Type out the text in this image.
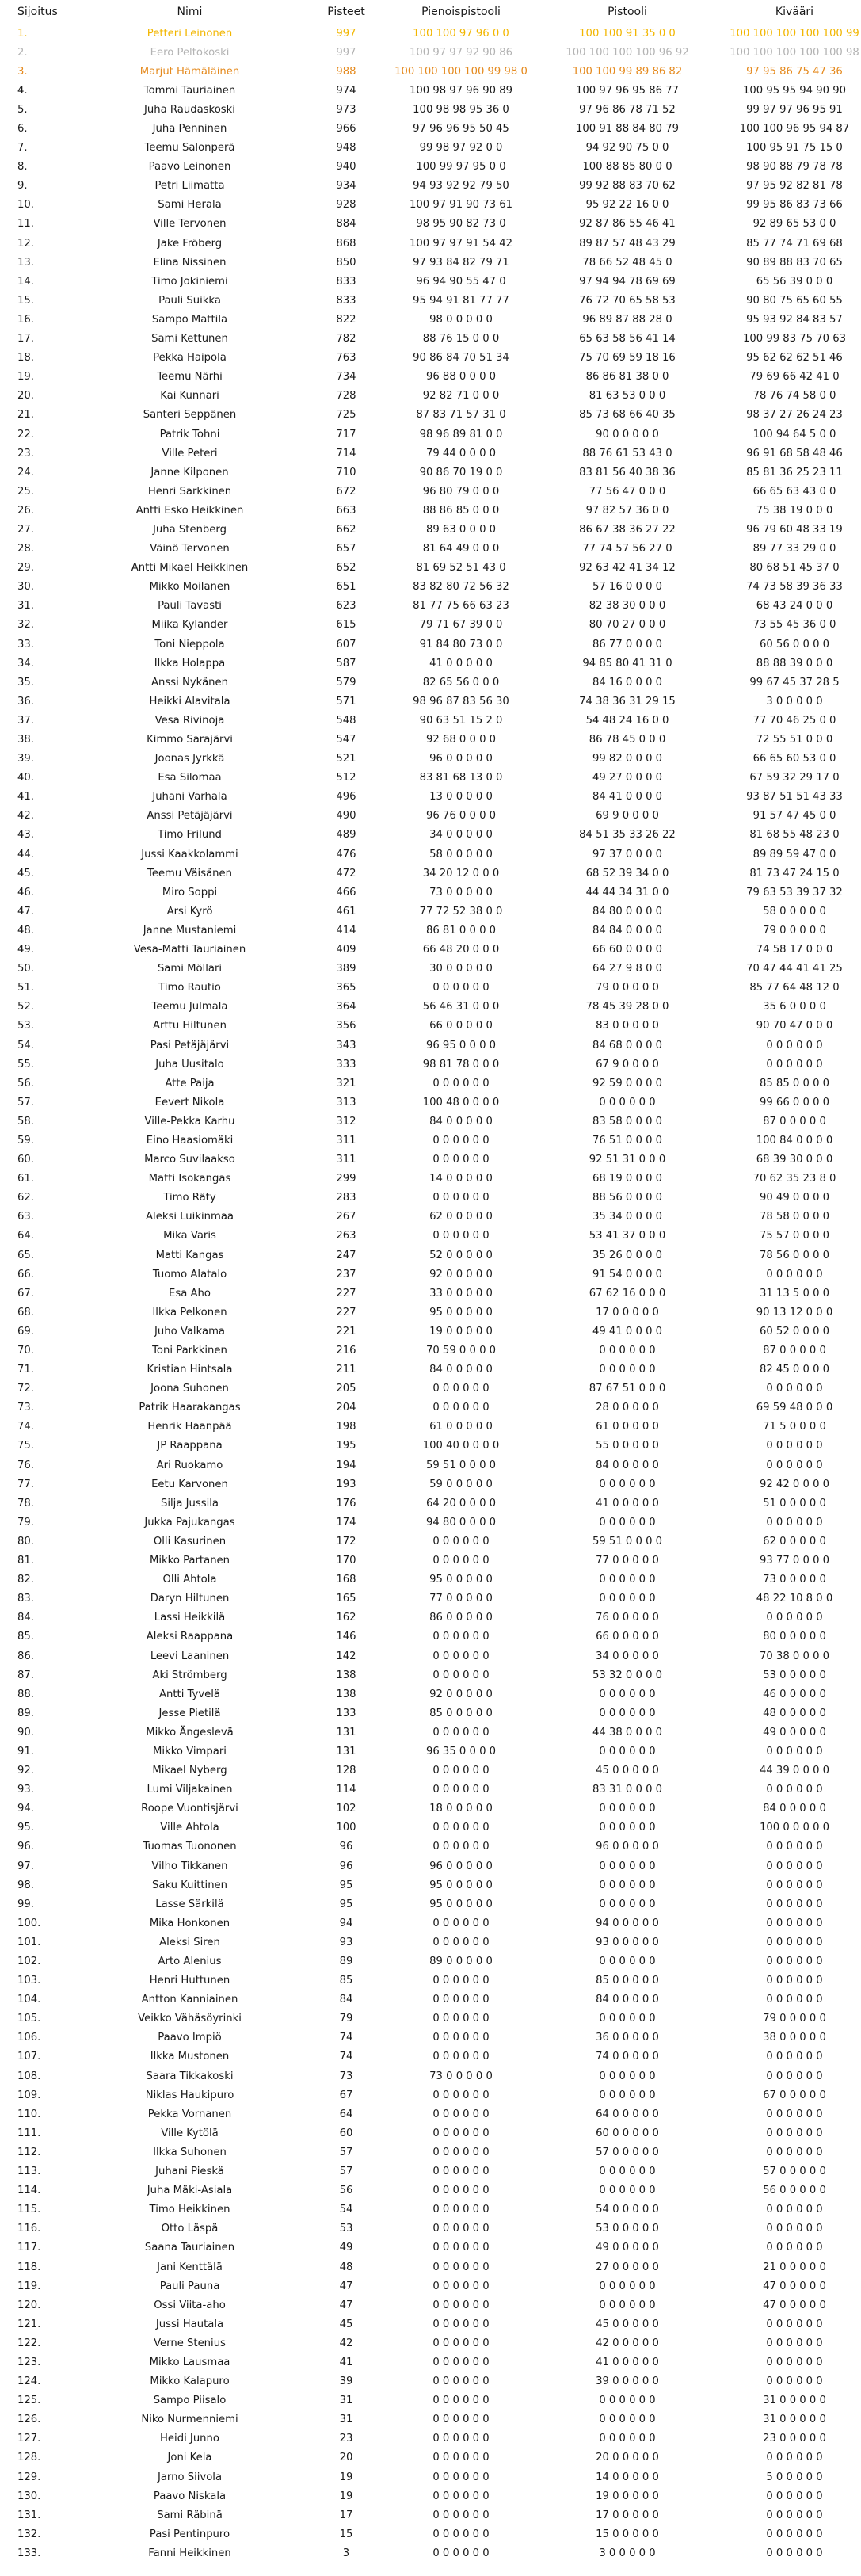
Sijoitus	Nimi	Pisteet	Pienoispistooli	Pistooli	Kivääri
1.	Petteri Leinonen	997	100 100 97 96 0 0	100 100 91 35 0 0	100 100 100 100 100 99
2.	Eero Peltokoski	997	100 97 97 92 90 86	100 100 100 100 96 92	100 100 100 100 100 98
3.	Marjut Hämäläinen	988	100 100 100 100 99 98 0	100 100 99 89 86 82	97 95 86 75 47 36
4.	Tommi Tauriainen	974	100 98 97 96 90 89	100 97 96 95 86 77	100 95 95 94 90 90
5.	Juha Raudaskoski	973	100 98 98 95 36 0	97 96 86 78 71 52	99 97 97 96 95 91
6.	Juha Penninen	966	97 96 96 95 50 45	100 91 88 84 80 79	100 100 96 95 94 87
7.	Teemu Salonperä	948	99 98 97 92 0 0	94 92 90 75 0 0	100 95 91 75 15 0
8.	Paavo Leinonen	940	100 99 97 95 0 0	100 88 85 80 0 0	98 90 88 79 78 78
9.	Petri Liimatta	934	94 93 92 92 79 50	99 92 88 83 70 62	97 95 92 82 81 78
10.	Sami Herala	928	100 97 91 90 73 61	95 92 22 16 0 0	99 95 86 83 73 66
11.	Ville Tervonen	884	98 95 90 82 73 0	92 87 86 55 46 41	92 89 65 53 0 0
12.	Jake Fröberg	868	100 97 97 91 54 42	89 87 57 48 43 29	85 77 74 71 69 68
13.	Elina Nissinen	850	97 93 84 82 79 71	78 66 52 48 45 0	90 89 88 83 70 65
14.	Timo Jokiniemi	833	96 94 90 55 47 0	97 94 94 78 69 69	65 56 39 0 0 0
15.	Pauli Suikka	833	95 94 91 81 77 77	76 72 70 65 58 53	90 80 75 65 60 55
16.	Sampo Mattila	822	98 0 0 0 0 0	96 89 87 88 28 0	95 93 92 84 83 57
17.	Sami Kettunen	782	88 76 15 0 0 0	65 63 58 56 41 14	100 99 83 75 70 63
18.	Pekka Haipola	763	90 86 84 70 51 34	75 70 69 59 18 16	95 62 62 62 51 46
19.	Teemu Närhi	734	96 88 0 0 0 0	86 86 81 38 0 0	79 69 66 42 41 0
20.	Kai Kunnari	728	92 82 71 0 0 0	81 63 53 0 0 0	78 76 74 58 0 0
21.	Santeri Seppänen	725	87 83 71 57 31 0	85 73 68 66 40 35	98 37 27 26 24 23
22.	Patrik Tohni	717	98 96 89 81 0 0	90 0 0 0 0 0	100 94 64 5 0 0
23.	Ville Peteri	714	79 44 0 0 0 0	88 76 61 53 43 0	96 91 68 58 48 46
24.	Janne Kilponen	710	90 86 70 19 0 0	83 81 56 40 38 36	85 81 36 25 23 11
25.	Henri Sarkkinen	672	96 80 79 0 0 0	77 56 47 0 0 0	66 65 63 43 0 0
26.	Antti Esko Heikkinen	663	88 86 85 0 0 0	97 82 57 36 0 0	75 38 19 0 0 0
27.	Juha Stenberg	662	89 63 0 0 0 0	86 67 38 36 27 22	96 79 60 48 33 19
28.	Väinö Tervonen	657	81 64 49 0 0 0	77 74 57 56 27 0	89 77 33 29 0 0
29.	Antti Mikael Heikkinen	652	81 69 52 51 43 0	92 63 42 41 34 12	80 68 51 45 37 0
30.	Mikko Moilanen	651	83 82 80 72 56 32	57 16 0 0 0 0	74 73 58 39 36 33
31.	Pauli Tavasti	623	81 77 75 66 63 23	82 38 30 0 0 0	68 43 24 0 0 0
32.	Miika Kylander	615	79 71 67 39 0 0	80 70 27 0 0 0	73 55 45 36 0 0
33.	Toni Nieppola	607	91 84 80 73 0 0	86 77 0 0 0 0	60 56 0 0 0 0
34.	Ilkka Holappa	587	41 0 0 0 0 0	94 85 80 41 31 0	88 88 39 0 0 0
35.	Anssi Nykänen	579	82 65 56 0 0 0	84 16 0 0 0 0	99 67 45 37 28 5
36.	Heikki Alavitala	571	98 96 87 83 56 30	74 38 36 31 29 15	3 0 0 0 0 0
37.	Vesa Rivinoja	548	90 63 51 15 2 0	54 48 24 16 0 0	77 70 46 25 0 0
38.	Kimmo Sarajärvi	547	92 68 0 0 0 0	86 78 45 0 0 0	72 55 51 0 0 0
39.	Joonas Jyrkkä	521	96 0 0 0 0 0	99 82 0 0 0 0	66 65 60 53 0 0
40.	Esa Silomaa	512	83 81 68 13 0 0	49 27 0 0 0 0	67 59 32 29 17 0
41.	Juhani Varhala	496	13 0 0 0 0 0	84 41 0 0 0 0	93 87 51 51 43 33
42.	Anssi Petäjäjärvi	490	96 76 0 0 0 0	69 9 0 0 0 0	91 57 47 45 0 0
43.	Timo Frilund	489	34 0 0 0 0 0	84 51 35 33 26 22	81 68 55 48 23 0
44.	Jussi Kaakkolammi	476	58 0 0 0 0 0	97 37 0 0 0 0	89 89 59 47 0 0
45.	Teemu Väisänen	472	34 20 12 0 0 0	68 52 39 34 0 0	81 73 47 24 15 0
46.	Miro Soppi	466	73 0 0 0 0 0	44 44 34 31 0 0	79 63 53 39 37 32
47.	Arsi Kyrö	461	77 72 52 38 0 0	84 80 0 0 0 0	58 0 0 0 0 0
48.	Janne Mustaniemi	414	86 81 0 0 0 0	84 84 0 0 0 0	79 0 0 0 0 0
49.	Vesa-Matti Tauriainen	409	66 48 20 0 0 0	66 60 0 0 0 0	74 58 17 0 0 0
50.	Sami Möllari	389	30 0 0 0 0 0	64 27 9 8 0 0	70 47 44 41 41 25
51.	Timo Rautio	365	0 0 0 0 0 0	79 0 0 0 0 0	85 77 64 48 12 0
52.	Teemu Julmala	364	56 46 31 0 0 0	78 45 39 28 0 0	35 6 0 0 0 0
53.	Arttu Hiltunen	356	66 0 0 0 0 0	83 0 0 0 0 0	90 70 47 0 0 0
54.	Pasi Petäjäjärvi	343	96 95 0 0 0 0	84 68 0 0 0 0	0 0 0 0 0 0
55.	Juha Uusitalo	333	98 81 78 0 0 0	67 9 0 0 0 0	0 0 0 0 0 0
56.	Atte Paija	321	0 0 0 0 0 0	92 59 0 0 0 0	85 85 0 0 0 0
57.	Eevert Nikola	313	100 48 0 0 0 0	0 0 0 0 0 0	99 66 0 0 0 0
58.	Ville-Pekka Karhu	312	84 0 0 0 0 0	83 58 0 0 0 0	87 0 0 0 0 0
59.	Eino Haasiomäki	311	0 0 0 0 0 0	76 51 0 0 0 0	100 84 0 0 0 0
60.	Marco Suvilaakso	311	0 0 0 0 0 0	92 51 31 0 0 0	68 39 30 0 0 0
61.	Matti Isokangas	299	14 0 0 0 0 0	68 19 0 0 0 0	70 62 35 23 8 0
62.	Timo Räty	283	0 0 0 0 0 0	88 56 0 0 0 0	90 49 0 0 0 0
63.	Aleksi Luikinmaa	267	62 0 0 0 0 0	35 34 0 0 0 0	78 58 0 0 0 0
64.	Mika Varis	263	0 0 0 0 0 0	53 41 37 0 0 0	75 57 0 0 0 0
65.	Matti Kangas	247	52 0 0 0 0 0	35 26 0 0 0 0	78 56 0 0 0 0
66.	Tuomo Alatalo	237	92 0 0 0 0 0	91 54 0 0 0 0	0 0 0 0 0 0
67.	Esa Aho	227	33 0 0 0 0 0	67 62 16 0 0 0	31 13 5 0 0 0
68.	Ilkka Pelkonen	227	95 0 0 0 0 0	17 0 0 0 0 0	90 13 12 0 0 0
69.	Juho Valkama	221	19 0 0 0 0 0	49 41 0 0 0 0	60 52 0 0 0 0
70.	Toni Parkkinen	216	70 59 0 0 0 0	0 0 0 0 0 0	87 0 0 0 0 0
71.	Kristian Hintsala	211	84 0 0 0 0 0	0 0 0 0 0 0	82 45 0 0 0 0
72.	Joona Suhonen	205	0 0 0 0 0 0	87 67 51 0 0 0	0 0 0 0 0 0
73.	Patrik Haarakangas	204	0 0 0 0 0 0	28 0 0 0 0 0	69 59 48 0 0 0
74.	Henrik Haanpää	198	61 0 0 0 0 0	61 0 0 0 0 0	71 5 0 0 0 0
75.	JP Raappana	195	100 40 0 0 0 0	55 0 0 0 0 0	0 0 0 0 0 0
76.	Ari Ruokamo	194	59 51 0 0 0 0	84 0 0 0 0 0	0 0 0 0 0 0
77.	Eetu Karvonen	193	59 0 0 0 0 0	0 0 0 0 0 0	92 42 0 0 0 0
78.	Silja Jussila	176	64 20 0 0 0 0	41 0 0 0 0 0	51 0 0 0 0 0
79.	Jukka Pajukangas	174	94 80 0 0 0 0	0 0 0 0 0 0	0 0 0 0 0 0
80.	Olli Kasurinen	172	0 0 0 0 0 0	59 51 0 0 0 0	62 0 0 0 0 0
81.	Mikko Partanen	170	0 0 0 0 0 0	77 0 0 0 0 0	93 77 0 0 0 0
82.	Olli Ahtola	168	95 0 0 0 0 0	0 0 0 0 0 0	73 0 0 0 0 0
83.	Daryn Hiltunen	165	77 0 0 0 0 0	0 0 0 0 0 0	48 22 10 8 0 0
84.	Lassi Heikkilä	162	86 0 0 0 0 0	76 0 0 0 0 0	0 0 0 0 0 0
85.	Aleksi Raappana	146	0 0 0 0 0 0	66 0 0 0 0 0	80 0 0 0 0 0
86.	Leevi Laaninen	142	0 0 0 0 0 0	34 0 0 0 0 0	70 38 0 0 0 0
87.	Aki Strömberg	138	0 0 0 0 0 0	53 32 0 0 0 0	53 0 0 0 0 0
88.	Antti Tyvelä	138	92 0 0 0 0 0	0 0 0 0 0 0	46 0 0 0 0 0
89.	Jesse Pietilä	133	85 0 0 0 0 0	0 0 0 0 0 0	48 0 0 0 0 0
90.	Mikko Ängeslevä	131	0 0 0 0 0 0	44 38 0 0 0 0	49 0 0 0 0 0
91.	Mikko Vimpari	131	96 35 0 0 0 0	0 0 0 0 0 0	0 0 0 0 0 0
92.	Mikael Nyberg	128	0 0 0 0 0 0	45 0 0 0 0 0	44 39 0 0 0 0
93.	Lumi Viljakainen	114	0 0 0 0 0 0	83 31 0 0 0 0	0 0 0 0 0 0
94.	Roope Vuontisjärvi	102	18 0 0 0 0 0	0 0 0 0 0 0	84 0 0 0 0 0
95.	Ville Ahtola	100	0 0 0 0 0 0	0 0 0 0 0 0	100 0 0 0 0 0
96.	Tuomas Tuononen	96	0 0 0 0 0 0	96 0 0 0 0 0	0 0 0 0 0 0
97.	Vilho Tikkanen	96	96 0 0 0 0 0	0 0 0 0 0 0	0 0 0 0 0 0
98.	Saku Kuittinen	95	95 0 0 0 0 0	0 0 0 0 0 0	0 0 0 0 0 0
99.	Lasse Särkilä	95	95 0 0 0 0 0	0 0 0 0 0 0	0 0 0 0 0 0
100.	Mika Honkonen	94	0 0 0 0 0 0	94 0 0 0 0 0	0 0 0 0 0 0
101.	Aleksi Siren	93	0 0 0 0 0 0	93 0 0 0 0 0	0 0 0 0 0 0
102.	Arto Alenius	89	89 0 0 0 0 0	0 0 0 0 0 0	0 0 0 0 0 0
103.	Henri Huttunen	85	0 0 0 0 0 0	85 0 0 0 0 0	0 0 0 0 0 0
104.	Antton Kanniainen	84	0 0 0 0 0 0	84 0 0 0 0 0	0 0 0 0 0 0
105.	Veikko Vähäsöyrinki	79	0 0 0 0 0 0	0 0 0 0 0 0	79 0 0 0 0 0
106.	Paavo Impiö	74	0 0 0 0 0 0	36 0 0 0 0 0	38 0 0 0 0 0
107.	Ilkka Mustonen	74	0 0 0 0 0 0	74 0 0 0 0 0	0 0 0 0 0 0
108.	Saara Tikkakoski	73	73 0 0 0 0 0	0 0 0 0 0 0	0 0 0 0 0 0
109.	Niklas Haukipuro	67	0 0 0 0 0 0	0 0 0 0 0 0	67 0 0 0 0 0
110.	Pekka Vornanen	64	0 0 0 0 0 0	64 0 0 0 0 0	0 0 0 0 0 0
111.	Ville Kytölä	60	0 0 0 0 0 0	60 0 0 0 0 0	0 0 0 0 0 0
112.	Ilkka Suhonen	57	0 0 0 0 0 0	57 0 0 0 0 0	0 0 0 0 0 0
113.	Juhani Pieskä	57	0 0 0 0 0 0	0 0 0 0 0 0	57 0 0 0 0 0
114.	Juha Mäki-Asiala	56	0 0 0 0 0 0	0 0 0 0 0 0	56 0 0 0 0 0
115.	Timo Heikkinen	54	0 0 0 0 0 0	54 0 0 0 0 0	0 0 0 0 0 0
116.	Otto Läspä	53	0 0 0 0 0 0	53 0 0 0 0 0	0 0 0 0 0 0
117.	Saana Tauriainen	49	0 0 0 0 0 0	49 0 0 0 0 0	0 0 0 0 0 0
118.	Jani Kenttälä	48	0 0 0 0 0 0	27 0 0 0 0 0	21 0 0 0 0 0
119.	Pauli Pauna	47	0 0 0 0 0 0	0 0 0 0 0 0	47 0 0 0 0 0
120.	Ossi Viita-aho	47	0 0 0 0 0 0	0 0 0 0 0 0	47 0 0 0 0 0
121.	Jussi Hautala	45	0 0 0 0 0 0	45 0 0 0 0 0	0 0 0 0 0 0
122.	Verne Stenius	42	0 0 0 0 0 0	42 0 0 0 0 0	0 0 0 0 0 0
123.	Mikko Lausmaa	41	0 0 0 0 0 0	41 0 0 0 0 0	0 0 0 0 0 0
124.	Mikko Kalapuro	39	0 0 0 0 0 0	39 0 0 0 0 0	0 0 0 0 0 0
125.	Sampo Piisalo	31	0 0 0 0 0 0	0 0 0 0 0 0	31 0 0 0 0 0
126.	Niko Nurmenniemi	31	0 0 0 0 0 0	0 0 0 0 0 0	31 0 0 0 0 0
127.	Heidi Junno	23	0 0 0 0 0 0	0 0 0 0 0 0	23 0 0 0 0 0
128.	Joni Kela	20	0 0 0 0 0 0	20 0 0 0 0 0	0 0 0 0 0 0
129.	Jarno Siivola	19	0 0 0 0 0 0	14 0 0 0 0 0	5 0 0 0 0 0
130.	Paavo Niskala	19	0 0 0 0 0 0	19 0 0 0 0 0	0 0 0 0 0 0
131.	Sami Räbinä	17	0 0 0 0 0 0	17 0 0 0 0 0	0 0 0 0 0 0
132.	Pasi Pentinpuro	15	0 0 0 0 0 0	15 0 0 0 0 0	0 0 0 0 0 0
133.	Fanni Heikkinen	3	0 0 0 0 0 0	3 0 0 0 0 0	0 0 0 0 0 0
